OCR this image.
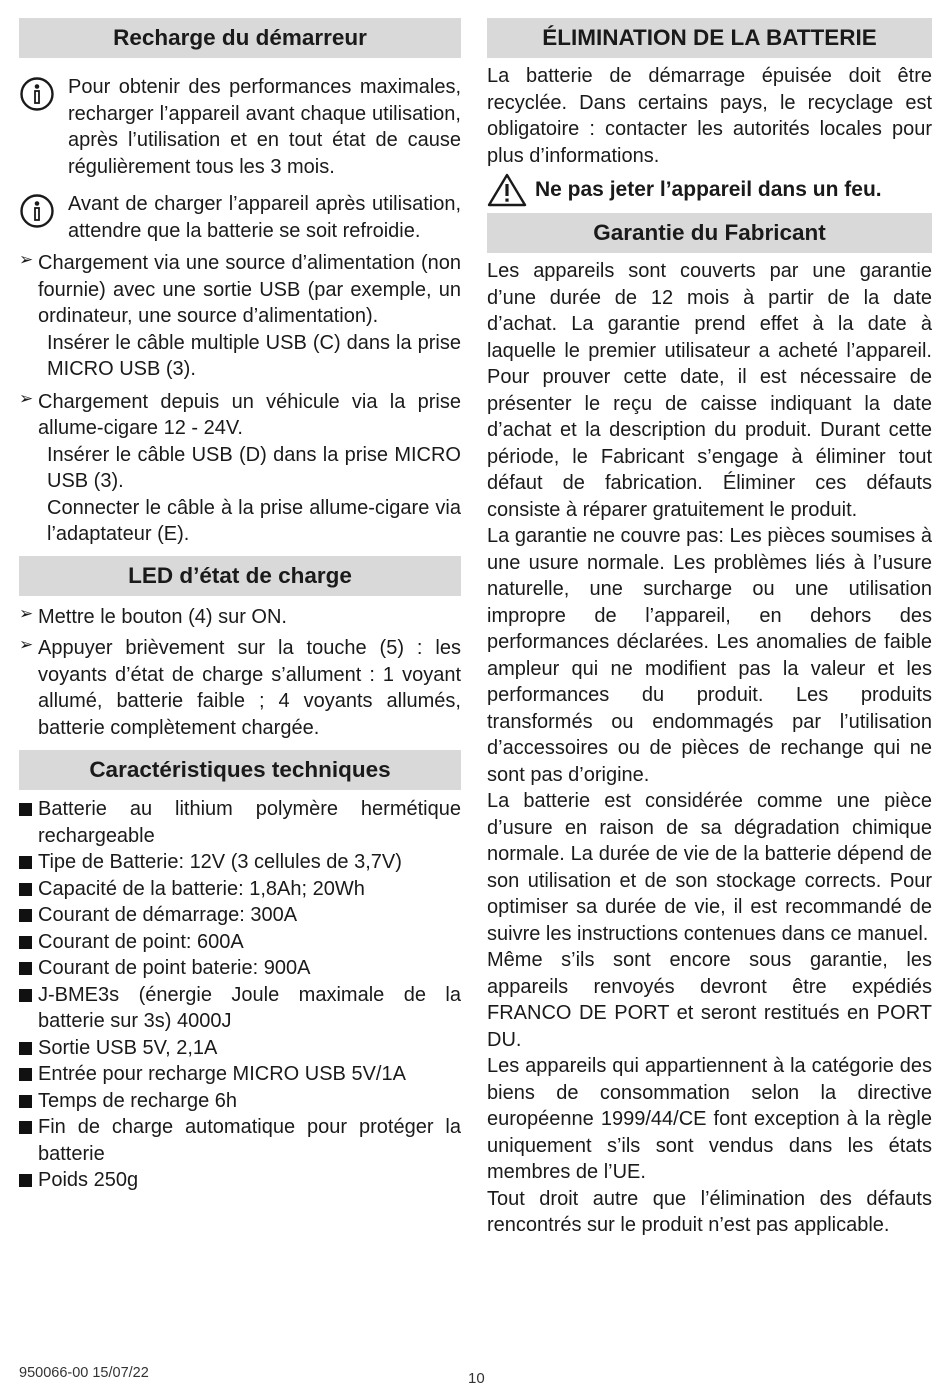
Recharge du démarreur

Pour obtenir des performances maximales, recharger l’appareil avant chaque utilisation, après l’utilisation et en tout état de cause régulièrement tous les 3 mois.

Avant de charger l’appareil après utilisation, attendre que la batterie se soit refroidie.

➢ Chargement via une source d’alimentation (non fournie) avec une sortie USB (par exemple, un ordinateur, une source d’alimentation).

Insérer le câble multiple USB (C) dans la prise MICRO USB (3).

➢ Chargement depuis un véhicule via la prise allume-cigare 12 - 24V.

Insérer le câble USB (D) dans la prise MICRO USB (3).

Connecter le câble à la prise allume-cigare via l’adaptateur (E).

LED d’état de charge
➢ Mettre le bouton (4) sur ON.

➢ Appuyer brièvement sur la touche (5) : les voyants d’état de charge s’allument : 1 voyant allumé, batterie faible ; 4 voyants allumés, batterie complètement chargée.

Caractéristiques techniques
Batterie au lithium polymère hermétique rechargeable
Tipe de Batterie: 12V (3 cellules de 3,7V)
Capacité de la batterie: 1,8Ah; 20Wh
Courant de démarrage: 300A
Courant de point: 600A
Courant de point baterie: 900A
J-BME3s (énergie Joule maximale de la batterie sur 3s) 4000J
Sortie USB 5V, 2,1A
Entrée pour recharge MICRO USB 5V/1A
Temps de recharge 6h
Fin de charge automatique pour protéger la batterie
Poids 250g
ÉLIMINATION DE LA BATTERIE

La batterie de démarrage épuisée doit être recyclée. Dans certains pays, le recyclage est obligatoire : contacter les autorités locales pour plus d’informations.

Ne pas jeter l’appareil dans un feu.
Garantie du Fabricant

Les appareils sont couverts par une garantie d’une durée de 12 mois à partir de la date d’achat. La garantie prend effet à la date à laquelle le premier utilisateur a acheté l’appareil. Pour prouver cette date, il est nécessaire de présenter le reçu de caisse indiquant la date d’achat et la description du produit. Durant cette période, le Fabricant s’engage à éliminer tout défaut de fabrication. Éliminer ces défauts consiste à réparer gratuitement le produit.

La garantie ne couvre pas: Les pièces soumises à une usure normale. Les problèmes liés à l’usure naturelle, une surcharge ou une utilisation impropre de l’appareil, en dehors des performances déclarées. Les anomalies de faible ampleur qui ne modifient pas la valeur et les performances du produit. Les produits transformés ou endommagés par l’utilisation d’accessoires ou de pièces de rechange qui ne sont pas d’origine.

La batterie est considérée comme une pièce d’usure en raison de sa dégradation chimique normale. La durée de vie de la batterie dépend de son utilisation et de son stockage corrects. Pour optimiser sa durée de vie, il est recommandé de suivre les instructions contenues dans ce manuel.

Même s’ils sont encore sous garantie, les appareils renvoyés devront être expédiés FRANCO DE PORT et seront restitués en PORT DU.

Les appareils qui appartiennent à la catégorie des biens de consommation selon la directive européenne 1999/44/CE font exception à la règle uniquement s’ils sont vendus dans les états membres de l’UE.

Tout droit autre que l’élimination des défauts rencontrés sur le produit n’est pas applicable.

950066-00 15/07/22	10
